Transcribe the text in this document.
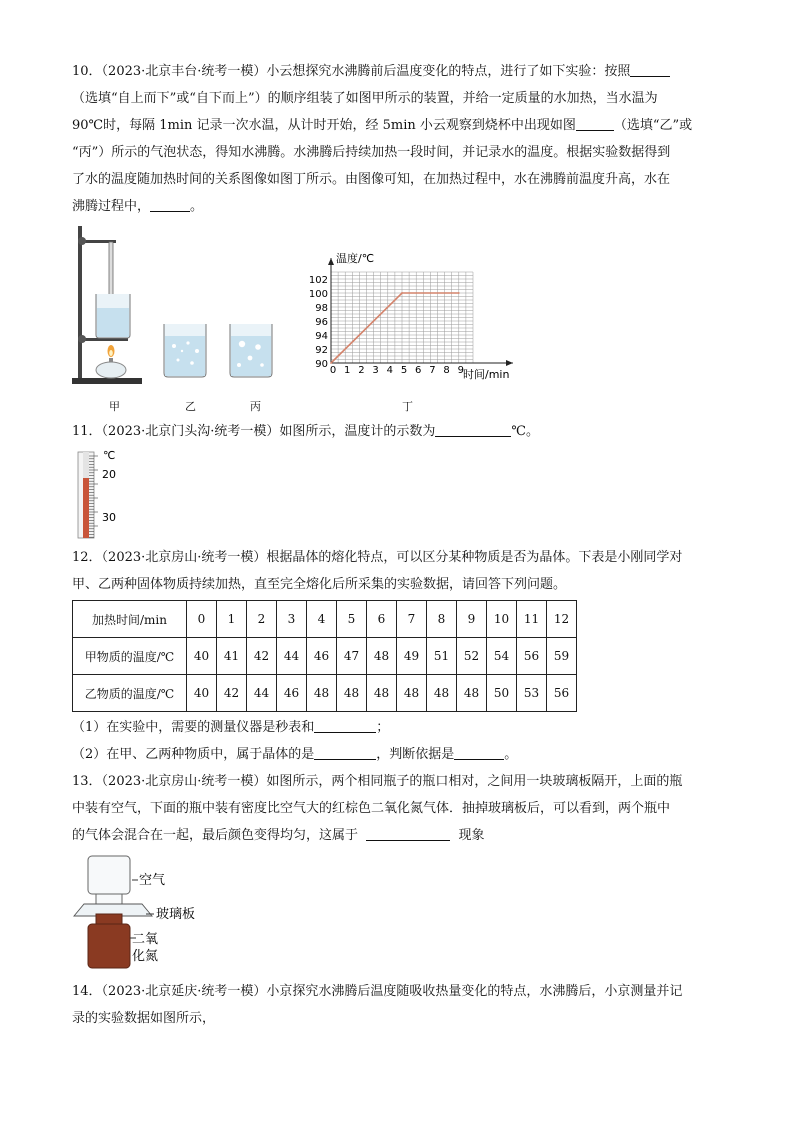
10．（2023·北京丰台·统考一模）小云想探究水沸腾前后温度变化的特点，进行了如下实验：按照
（选填“自上而下”或“自下而上”）的顺序组装了如图甲所示的装置，并给一定质量的水加热，当水温为
90℃时，每隔 1min 记录一次水温，从计时开始，经 5min 小云观察到烧杯中出现如图	（选填“乙”或
“丙”）所示的气泡状态，得知水沸腾。水沸腾后持续加热一段时间，并记录水的温度。根据实验数据得到
了水的温度随加热时间的关系图像如图丁所示。由图像可知，在加热过程中，水在沸腾前温度升高，水在
沸腾过程中，	。
0 1 2 3 4 5 6 7 8 9
90
92
94
96
98
100
102
温度/℃
时间/min
甲	乙	丙	丁
11．（2023·北京门头沟·统考一模）如图所示，温度计的示数为	℃。
℃
20
30
12．（2023·北京房山·统考一模）根据晶体的熔化特点，可以区分某种物质是否为晶体。下表是小刚同学对
甲、乙两种固体物质持续加热，直至完全熔化后所采集的实验数据，请回答下列问题。
加热时间/min	0	1	2	3	4	5	6	7	8	9	10	11	12
甲物质的温度/℃	40	41	42	44	46	47	48	49	51	52	54	56	59
乙物质的温度/℃	40	42	44	46	48	48	48	48	48	48	50	53	56
（1）在实验中，需要的测量仪器是秒表和	；
（2）在甲、乙两种物质中，属于晶体的是	，判断依据是	。
13．（2023·北京房山·统考一模）如图所示，两个相同瓶子的瓶口相对，之间用一块玻璃板隔开，上面的瓶
中装有空气，下面的瓶中装有密度比空气大的红棕色二氧化氮气体．抽掉玻璃板后，可以看到，两个瓶中
的气体会混合在一起，最后颜色变得均匀，这属于	现象
空气
玻璃板
二氧
化氮
14．（2023·北京延庆·统考一模）小京探究水沸腾后温度随吸收热量变化的特点，水沸腾后，小京测量并记
录的实验数据如图所示，
